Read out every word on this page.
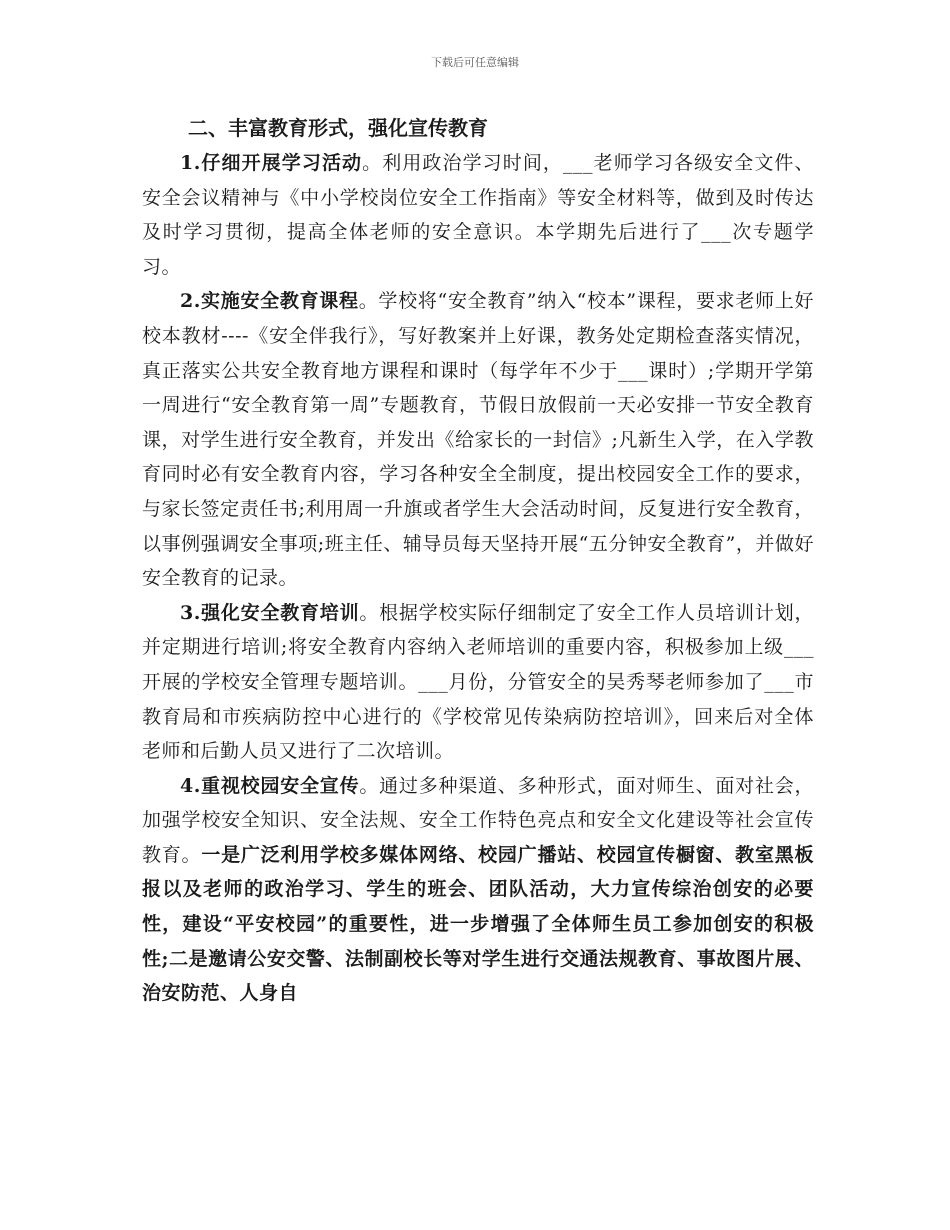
下载后可任意编辑
二、丰富教育形式，强化宣传教育

1.仔细开展学习活动。利用政治学习时间，___老师学习各级安全文件、安全会议精神与《中小学校岗位安全工作指南》等安全材料等，做到及时传达及时学习贯彻，提高全体老师的安全意识。本学期先后进行了___次专题学习。

2.实施安全教育课程。学校将“安全教育”纳入“校本”课程，要求老师上好校本教材----《安全伴我行》，写好教案并上好课，教务处定期检查落实情况，真正落实公共安全教育地方课程和课时（每学年不少于___课时）;学期开学第一周进行“安全教育第一周”专题教育，节假日放假前一天必安排一节安全教育课，对学生进行安全教育，并发出《给家长的一封信》;凡新生入学，在入学教育同时必有安全教育内容，学习各种安全全制度，提出校园安全工作的要求，与家长签定责任书;利用周一升旗或者学生大会活动时间，反复进行安全教育，以事例强调安全事项;班主任、辅导员每天坚持开展“五分钟安全教育”，并做好安全教育的记录。

3.强化安全教育培训。根据学校实际仔细制定了安全工作人员培训计划，并定期进行培训;将安全教育内容纳入老师培训的重要内容，积极参加上级___开展的学校安全管理专题培训。___月份，分管安全的吴秀琴老师参加了___市教育局和市疾病防控中心进行的《学校常见传染病防控培训》，回来后对全体老师和后勤人员又进行了二次培训。

4.重视校园安全宣传。通过多种渠道、多种形式，面对师生、面对社会，加强学校安全知识、安全法规、安全工作特色亮点和安全文化建设等社会宣传教育。一是广泛利用学校多媒体网络、校园广播站、校园宣传橱窗、教室黑板报以及老师的政治学习、学生的班会、团队活动，大力宣传综治创安的必要性，建设“平安校园”的重要性，进一步增强了全体师生员工参加创安的积极性;二是邀请公安交警、法制副校长等对学生进行交通法规教育、事故图片展、治安防范、人身自
